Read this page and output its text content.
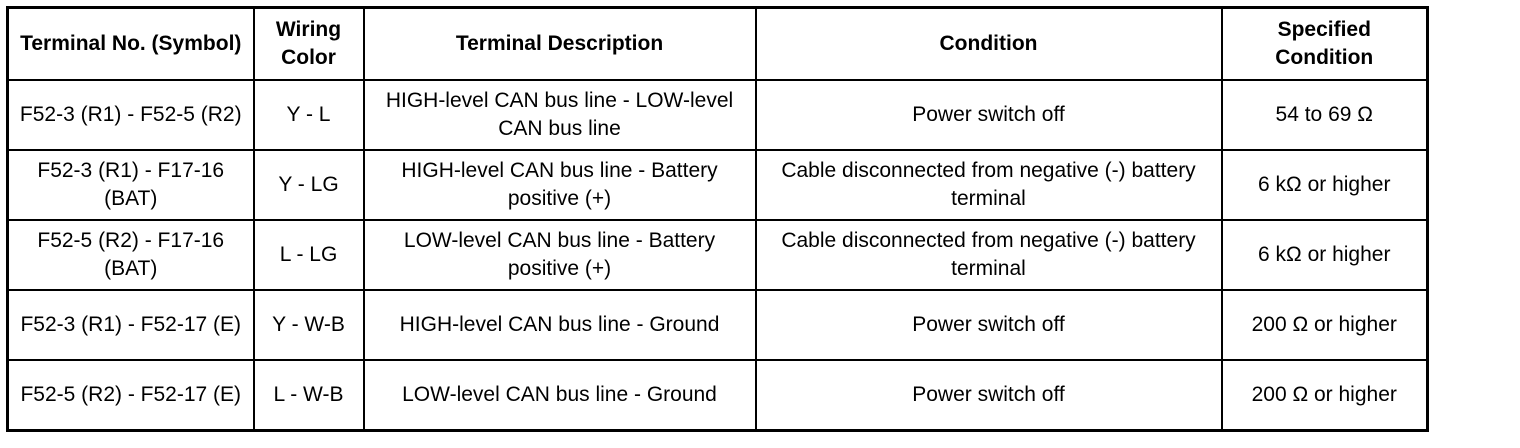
Terminal No. (Symbol)	Wiring Color	Terminal Description	Condition	Specified Condition
F52-3 (R1) - F52-5 (R2)	Y - L	HIGH-level CAN bus line - LOW-level CAN bus line	Power switch off	54 to 69 Ω
F52-3 (R1) - F17-16 (BAT)	Y - LG	HIGH-level CAN bus line - Battery positive (+)	Cable disconnected from negative (-) battery terminal	6 kΩ or higher
F52-5 (R2) - F17-16 (BAT)	L - LG	LOW-level CAN bus line - Battery positive (+)	Cable disconnected from negative (-) battery terminal	6 kΩ or higher
F52-3 (R1) - F52-17 (E)	Y - W-B	HIGH-level CAN bus line - Ground	Power switch off	200 Ω or higher
F52-5 (R2) - F52-17 (E)	L - W-B	LOW-level CAN bus line - Ground	Power switch off	200 Ω or higher
